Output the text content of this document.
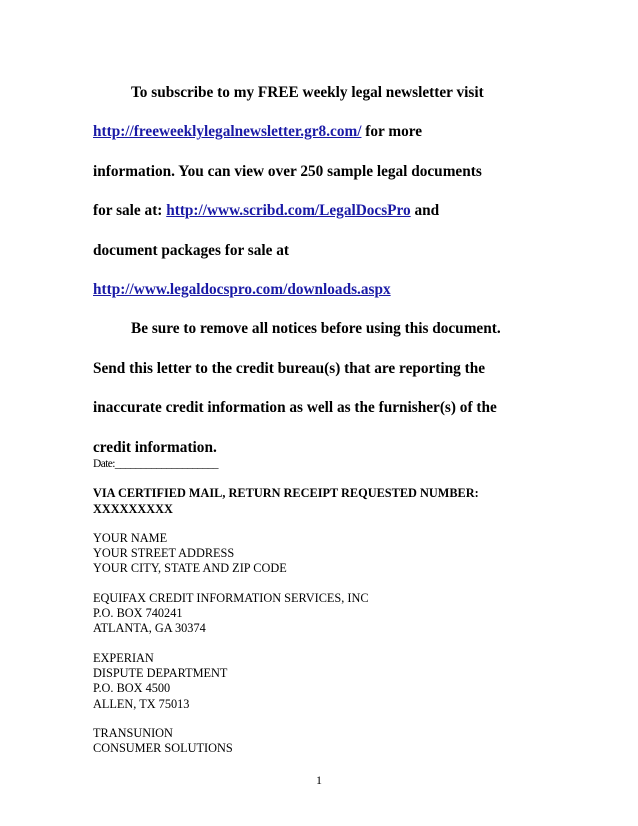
To subscribe to my FREE weekly legal newsletter visit
http://freeweeklylegalnewsletter.gr8.com/ for more
information. You can view over 250 sample legal documents
for sale at: http://www.scribd.com/LegalDocsPro and
document packages for sale at
http://www.legaldocspro.com/downloads.aspx
Be sure to remove all notices before using this document.
Send this letter to the credit bureau(s) that are reporting the
inaccurate credit information as well as the furnisher(s) of the
credit information.
Date:____________________
VIA CERTIFIED MAIL, RETURN RECEIPT REQUESTED NUMBER:
XXXXXXXXX
YOUR NAME
YOUR STREET ADDRESS
YOUR CITY, STATE AND ZIP CODE
EQUIFAX CREDIT INFORMATION SERVICES, INC
P.O. BOX 740241
ATLANTA, GA 30374
EXPERIAN
DISPUTE DEPARTMENT
P.O. BOX 4500
ALLEN, TX 75013
TRANSUNION
CONSUMER SOLUTIONS
1
